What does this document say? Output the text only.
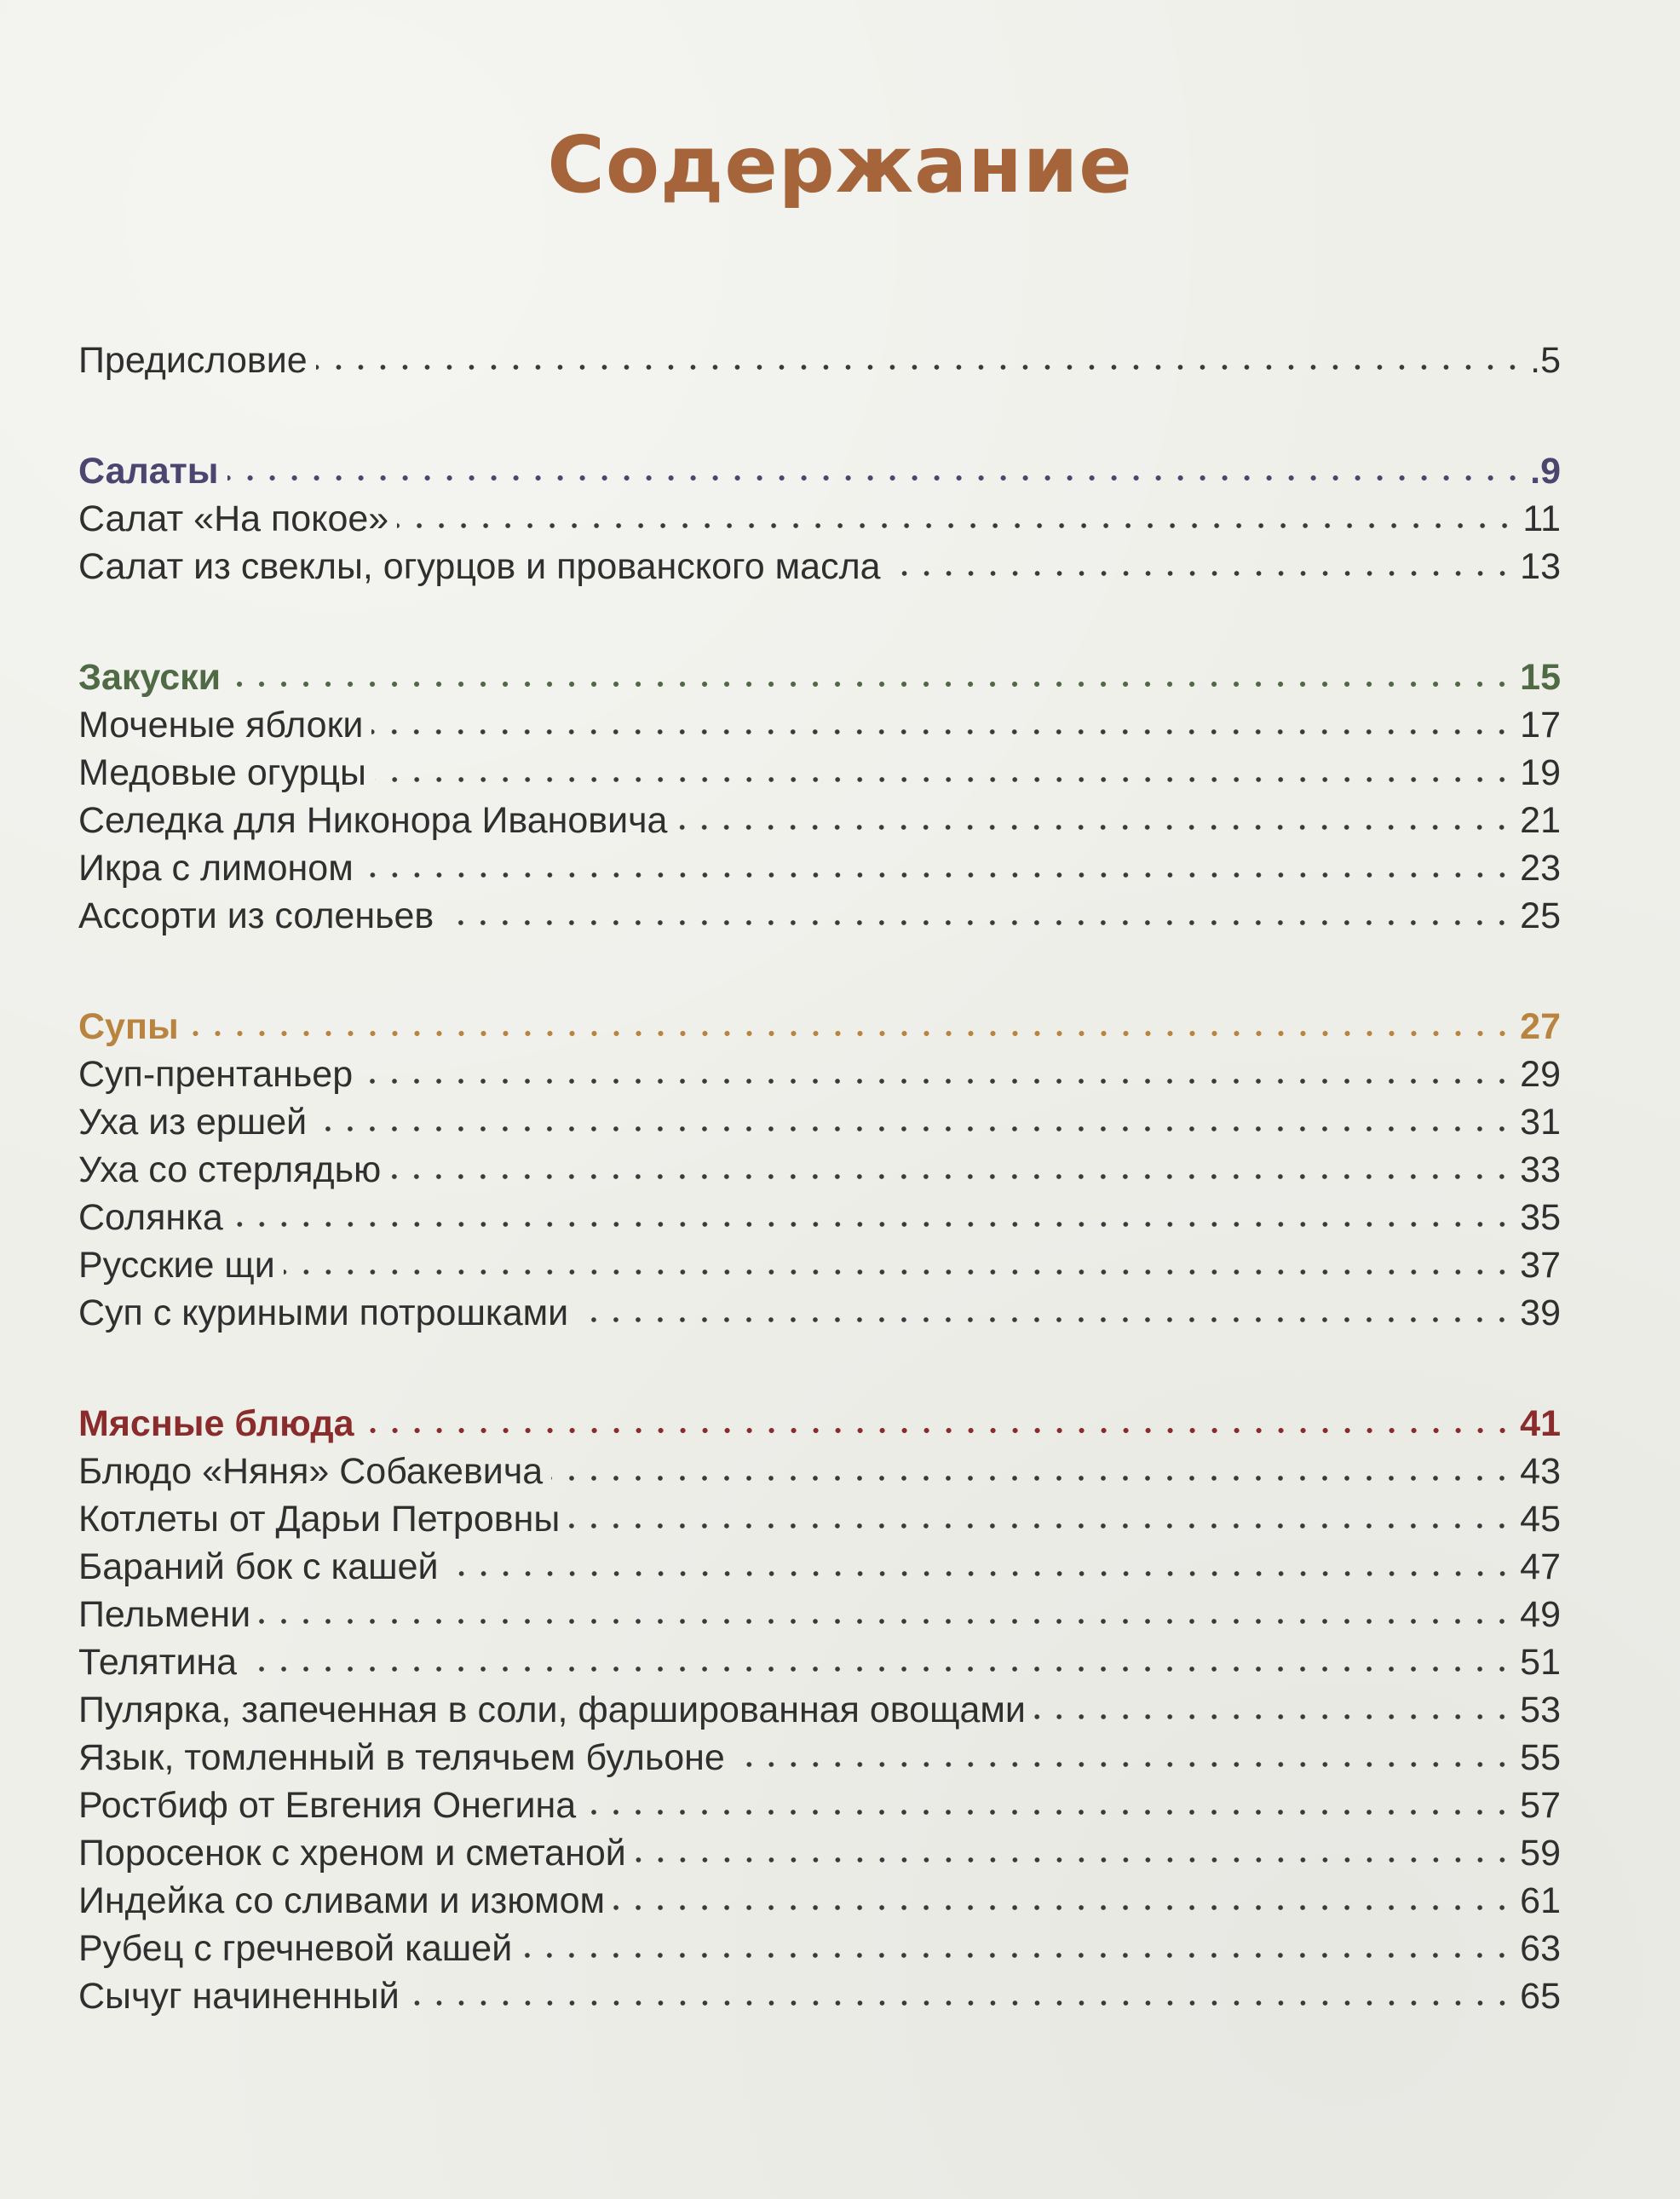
Содержание
Предисловие	.5
Салаты	.9
Салат «На покое»	11
Салат из свеклы, огурцов и прованского масла	13
Закуски	15
Моченые яблоки	17
Медовые огурцы	19
Селедка для Никонора Ивановича	21
Икра с лимоном	23
Ассорти из соленьев	25
Супы	27
Суп-прентаньер	29
Уха из ершей	31
Уха со стерлядью	33
Солянка	35
Русские щи	37
Суп с куриными потрошками	39
Мясные блюда	41
Блюдо «Няня» Собакевича	43
Котлеты от Дарьи Петровны	45
Бараний бок с кашей	47
Пельмени	49
Телятина	51
Пулярка, запеченная в соли, фаршированная овощами	53
Язык, томленный в телячьем бульоне	55
Ростбиф от Евгения Онегина	57
Поросенок с хреном и сметаной	59
Индейка со сливами и изюмом	61
Рубец с гречневой кашей	63
Сычуг начиненный	65
